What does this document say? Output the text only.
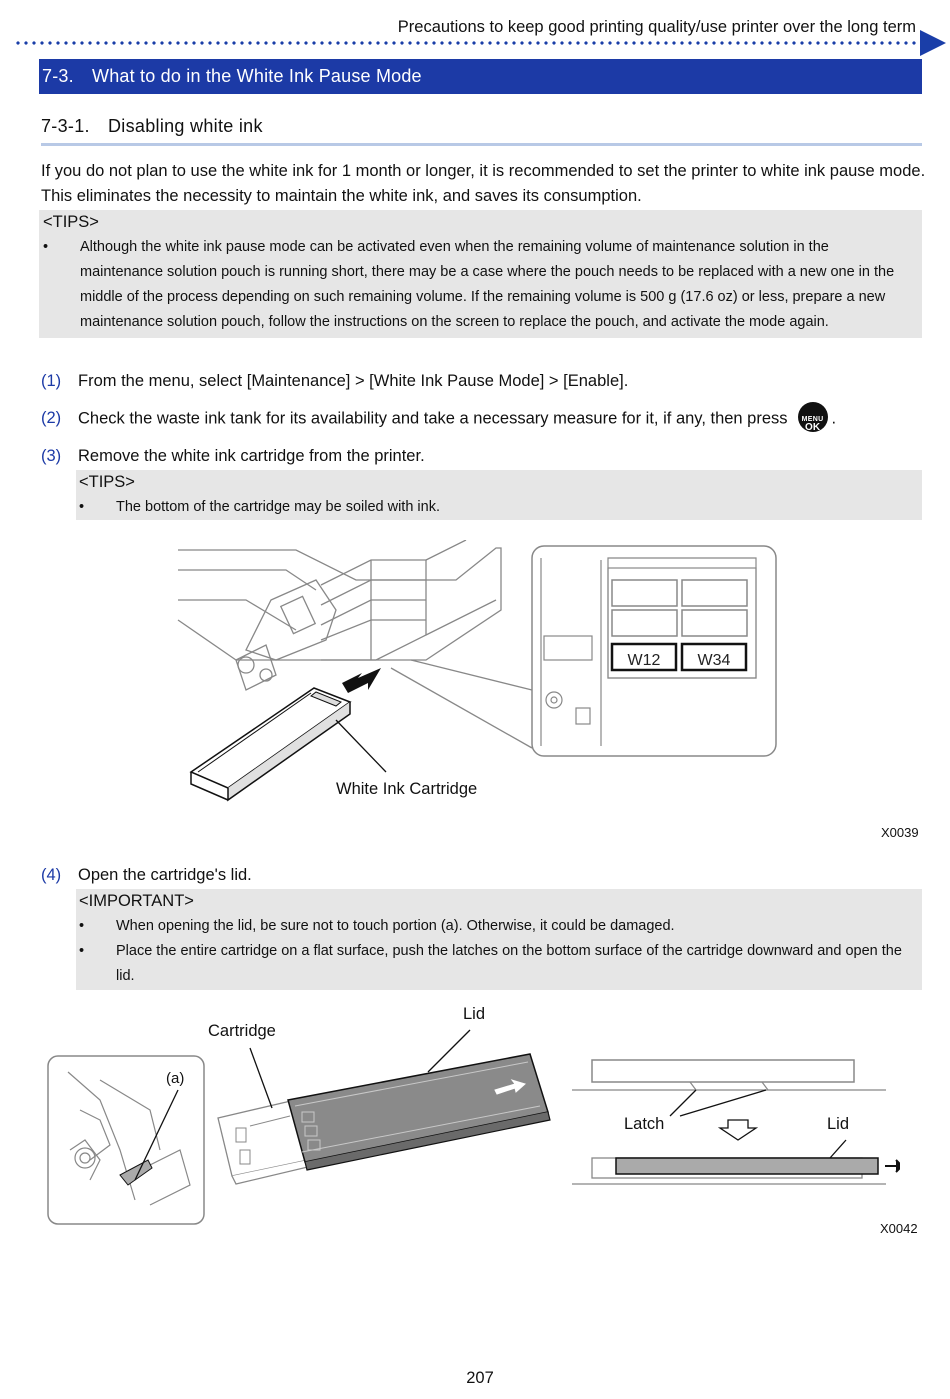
Precautions to keep good printing quality/use printer over the long term
7-3. What to do in the White Ink Pause Mode
7-3-1. Disabling white ink
If you do not plan to use the white ink for 1 month or longer, it is recommended to set the printer to white ink pause mode.
This eliminates the necessity to maintain the white ink, and saves its consumption.
<TIPS>
• Although the white ink pause mode can be activated even when the remaining volume of maintenance solution in the
maintenance solution pouch is running short, there may be a case where the pouch needs to be replaced with a new one in the
middle of the process depending on such remaining volume. If the remaining volume is 500 g (17.6 oz) or less, prepare a new
maintenance solution pouch, follow the instructions on the screen to replace the pouch, and activate the mode again.
(1) From the menu, select [Maintenance] > [White Ink Pause Mode] > [Enable].
(2) Check the waste ink tank for its availability and take a necessary measure for it, if any, then press	MENU
OK
.
(3) Remove the white ink cartridge from the printer.
<TIPS>
• The bottom of the cartridge may be soiled with ink.
W12 W34
White Ink Cartridge
X0039
(4) Open the cartridge's lid.
<IMPORTANT>
• When opening the lid, be sure not to touch portion (a). Otherwise, it could be damaged.
• Place the entire cartridge on a flat surface, push the latches on the bottom surface of the cartridge downward and open the
lid.
Lid
Cartridge
(a)
Latch	Lid
X0042
207
